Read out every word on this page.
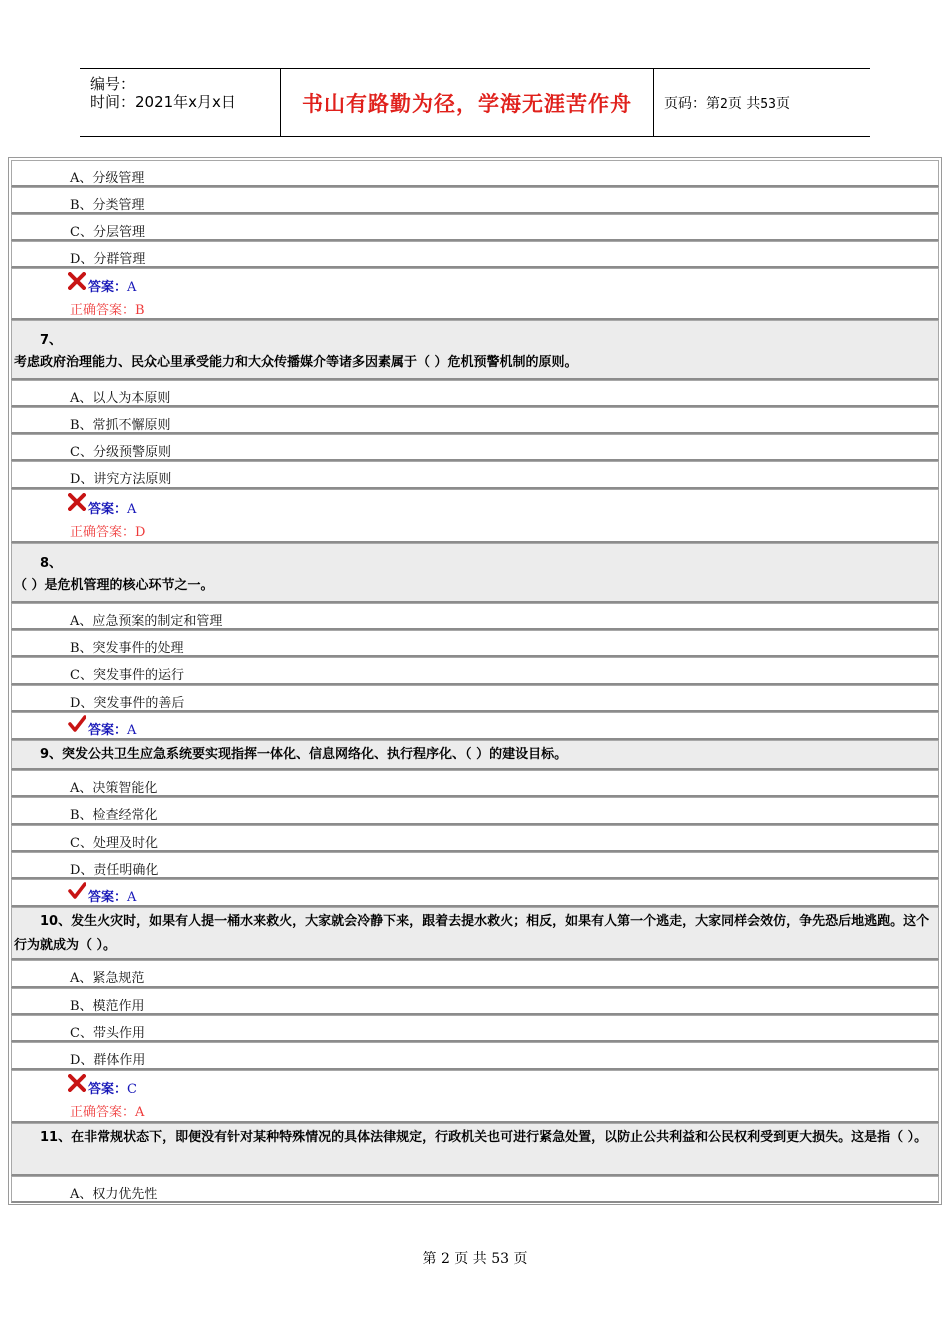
编号：
时间：2021年x月x日	书山有路勤为径，学海无涯苦作舟 页码：第2页 共53页
A、分级管理
B、分类管理
C、分层管理
D、分群管理
答案：A
正确答案：B
7、
考虑政府治理能力、民众心里承受能力和大众传播媒介等诸多因素属于（ ）危机预警机制的原则。
A、以人为本原则
B、常抓不懈原则
C、分级预警原则
D、讲究方法原则
答案：A
正确答案：D
8、
（ ）是危机管理的核心环节之一。
A、应急预案的制定和管理
B、突发事件的处理
C、突发事件的运行
D、突发事件的善后
答案：A
9、突发公共卫生应急系统要实现指挥一体化、信息网络化、执行程序化、（ ）的建设目标。
A、决策智能化
B、检查经常化
C、处理及时化
D、责任明确化
答案：A
10、发生火灾时，如果有人提一桶水来救火，大家就会冷静下来，跟着去提水救火；相反，如果有人第一个逃走，大家同样会效仿，争先恐后地逃跑。这个行为就成为（ ）。
A、紧急规范
B、模范作用
C、带头作用
D、群体作用
答案：C
正确答案：A
11、在非常规状态下，即便没有针对某种特殊情况的具体法律规定，行政机关也可进行紧急处置，以防止公共利益和公民权利受到更大损失。这是指（ ）。
A、权力优先性
第 2 页 共 53 页
